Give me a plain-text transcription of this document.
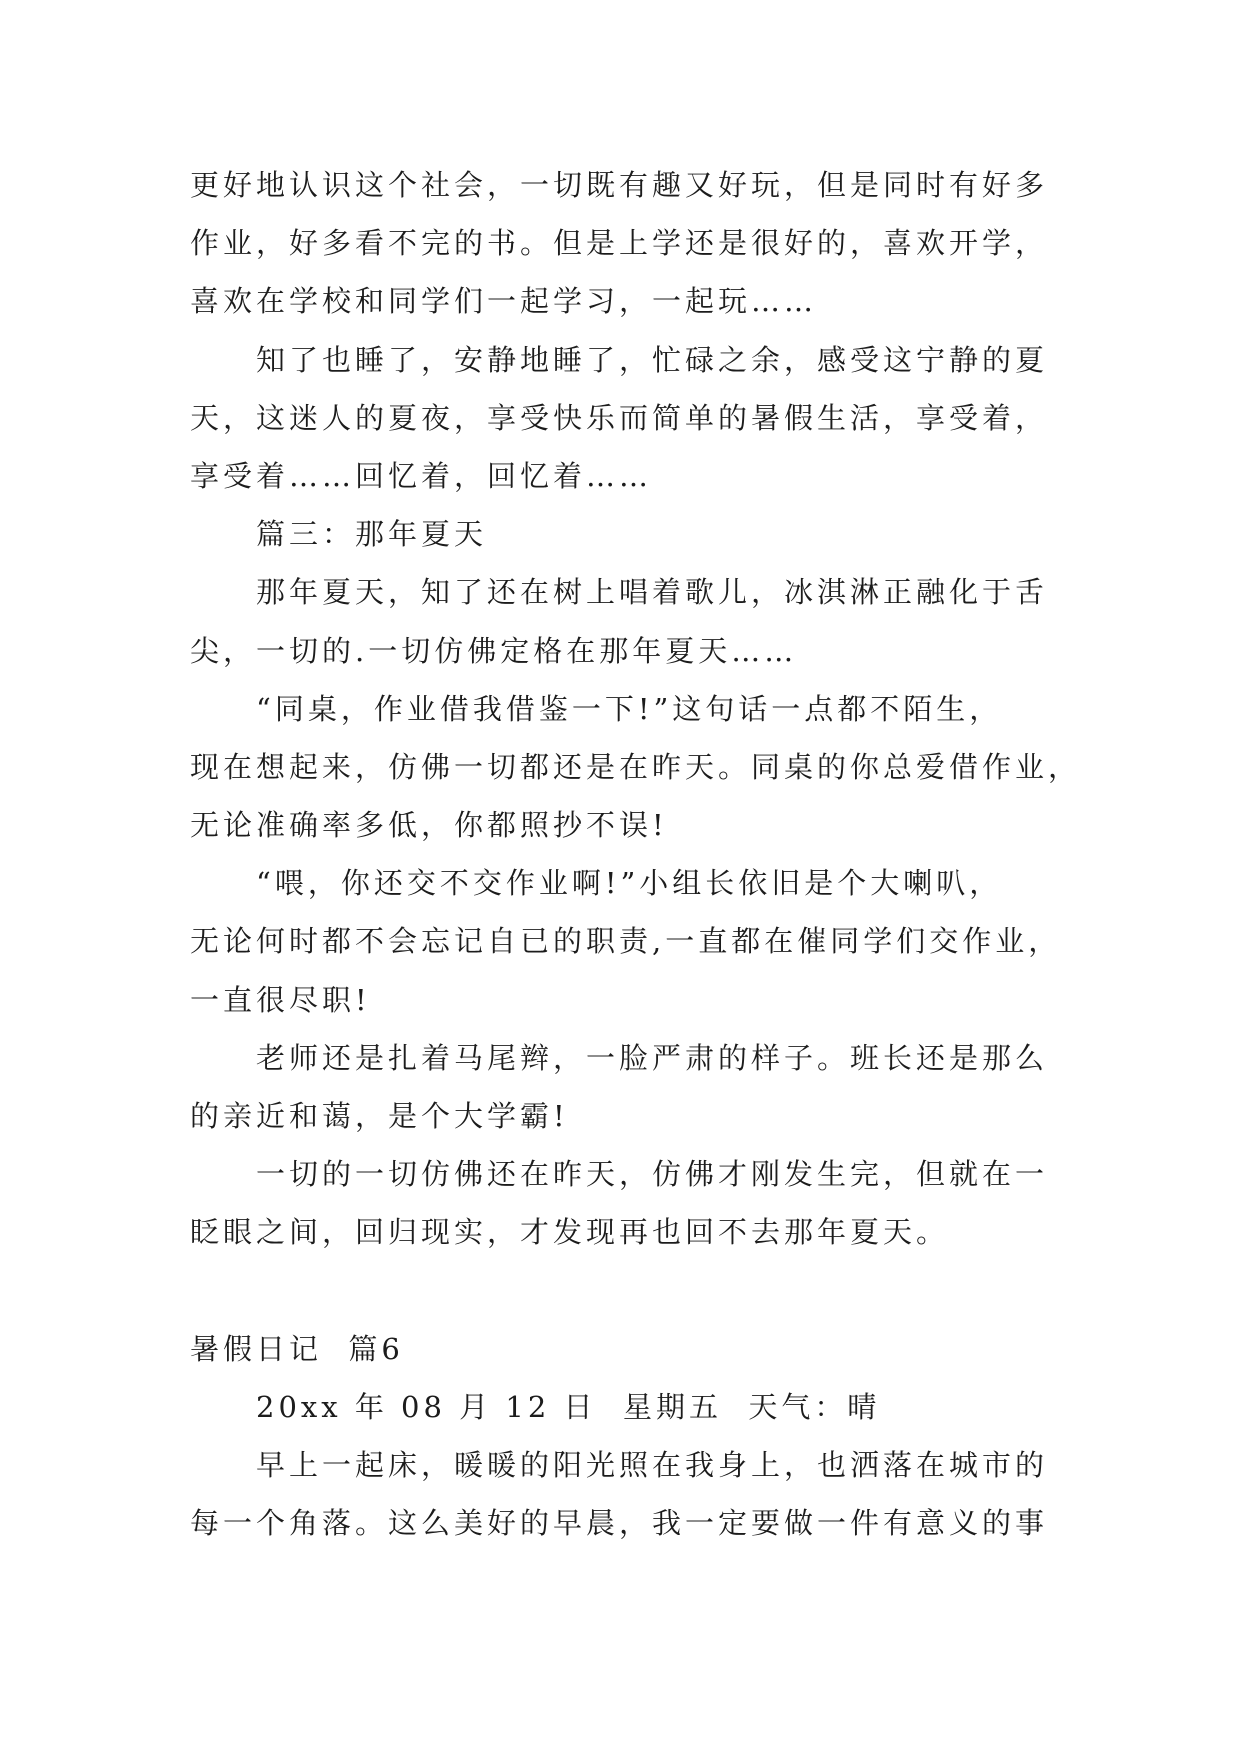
更好地认识这个社会，一切既有趣又好玩，但是同时有好多
作业，好多看不完的书。但是上学还是很好的，喜欢开学，
喜欢在学校和同学们一起学习，一起玩……
知了也睡了，安静地睡了，忙碌之余，感受这宁静的夏
天，这迷人的夏夜，享受快乐而简单的暑假生活，享受着，
享受着……回忆着，回忆着……
篇三：那年夏天
那年夏天，知了还在树上唱着歌儿，冰淇淋正融化于舌
尖，一切的.一切仿佛定格在那年夏天……
“同桌，作业借我借鉴一下!”这句话一点都不陌生，
现在想起来，仿佛一切都还是在昨天。同桌的你总爱借作业，
无论准确率多低，你都照抄不误!
“喂，你还交不交作业啊!”小组长依旧是个大喇叭，
无论何时都不会忘记自已的职责,一直都在催同学们交作业，
一直很尽职!
老师还是扎着马尾辫，一脸严肃的样子。班长还是那么
的亲近和蔼，是个大学霸!
一切的一切仿佛还在昨天，仿佛才刚发生完，但就在一
眨眼之间，回归现实，才发现再也回不去那年夏天。
暑假日记  篇6
20xx 年 08 月 12 日  星期五  天气：晴
早上一起床，暖暖的阳光照在我身上，也洒落在城市的
每一个角落。这么美好的早晨，我一定要做一件有意义的事
